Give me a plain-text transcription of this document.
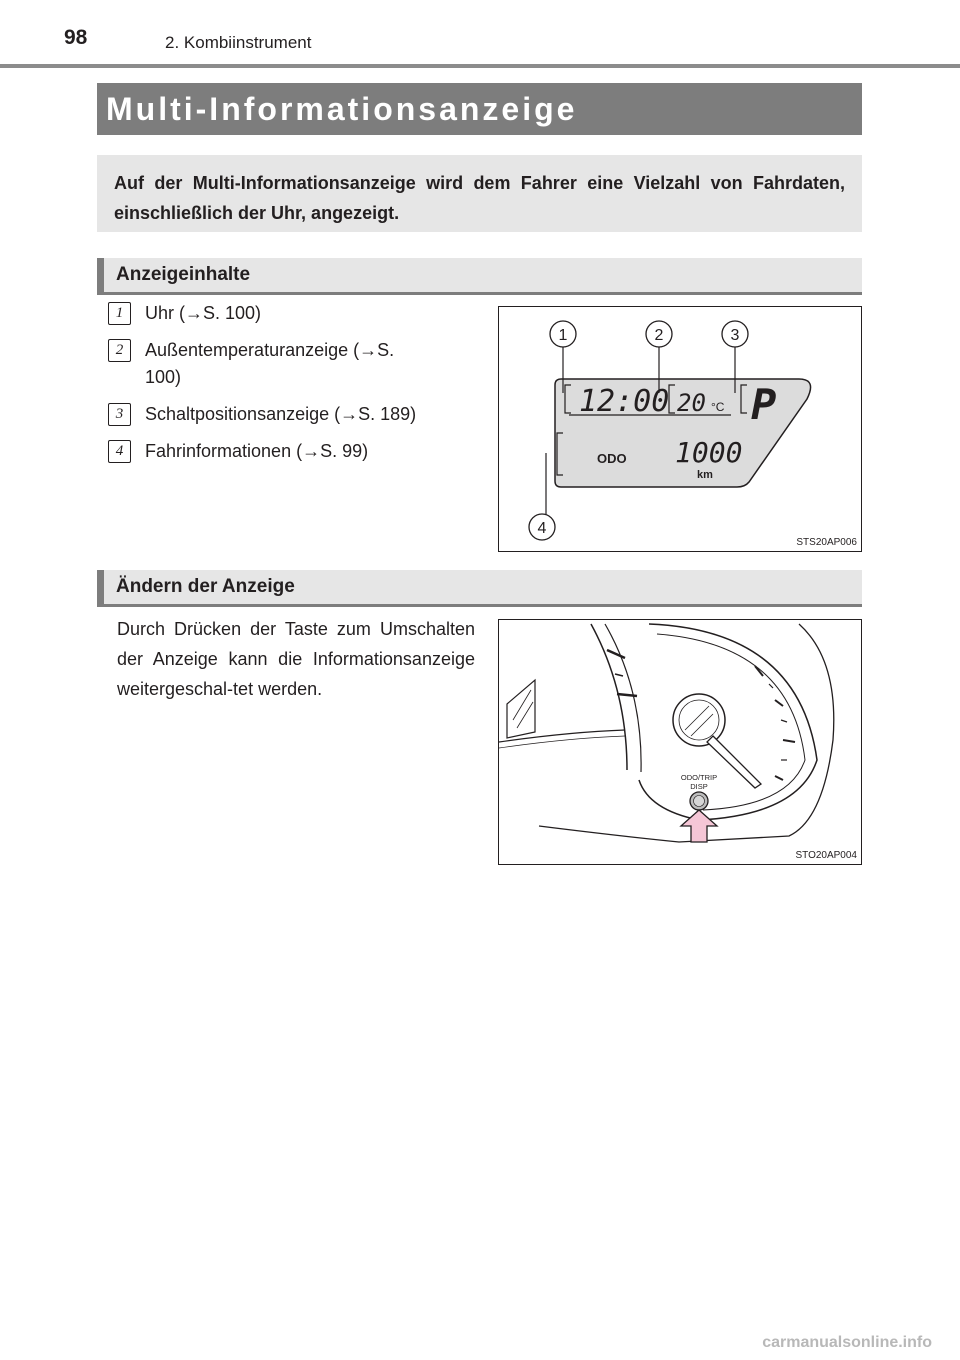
98	2. Kombiinstrument
Multi-Informationsanzeige
Auf der Multi-Informationsanzeige wird dem Fahrer eine Vielzahl von Fahrdaten, einschließlich der Uhr, angezeigt.
Anzeigeinhalte
1	Uhr (→S. 100)
2	Außentemperaturanzeige (→S. 100)
3	Schaltpositionsanzeige (→S. 189)
4	Fahrinformationen (→S. 99)
12:00 20 °C P
ODO 1000
km
1	2	3
4
STS20AP006
Ändern der Anzeige

Durch Drücken der Taste zum Umschalten der Anzeige kann die Informationsanzeige weitergeschal-tet werden.

ODO/TRIP
DISP
STO20AP004
carmanualsonline.info
